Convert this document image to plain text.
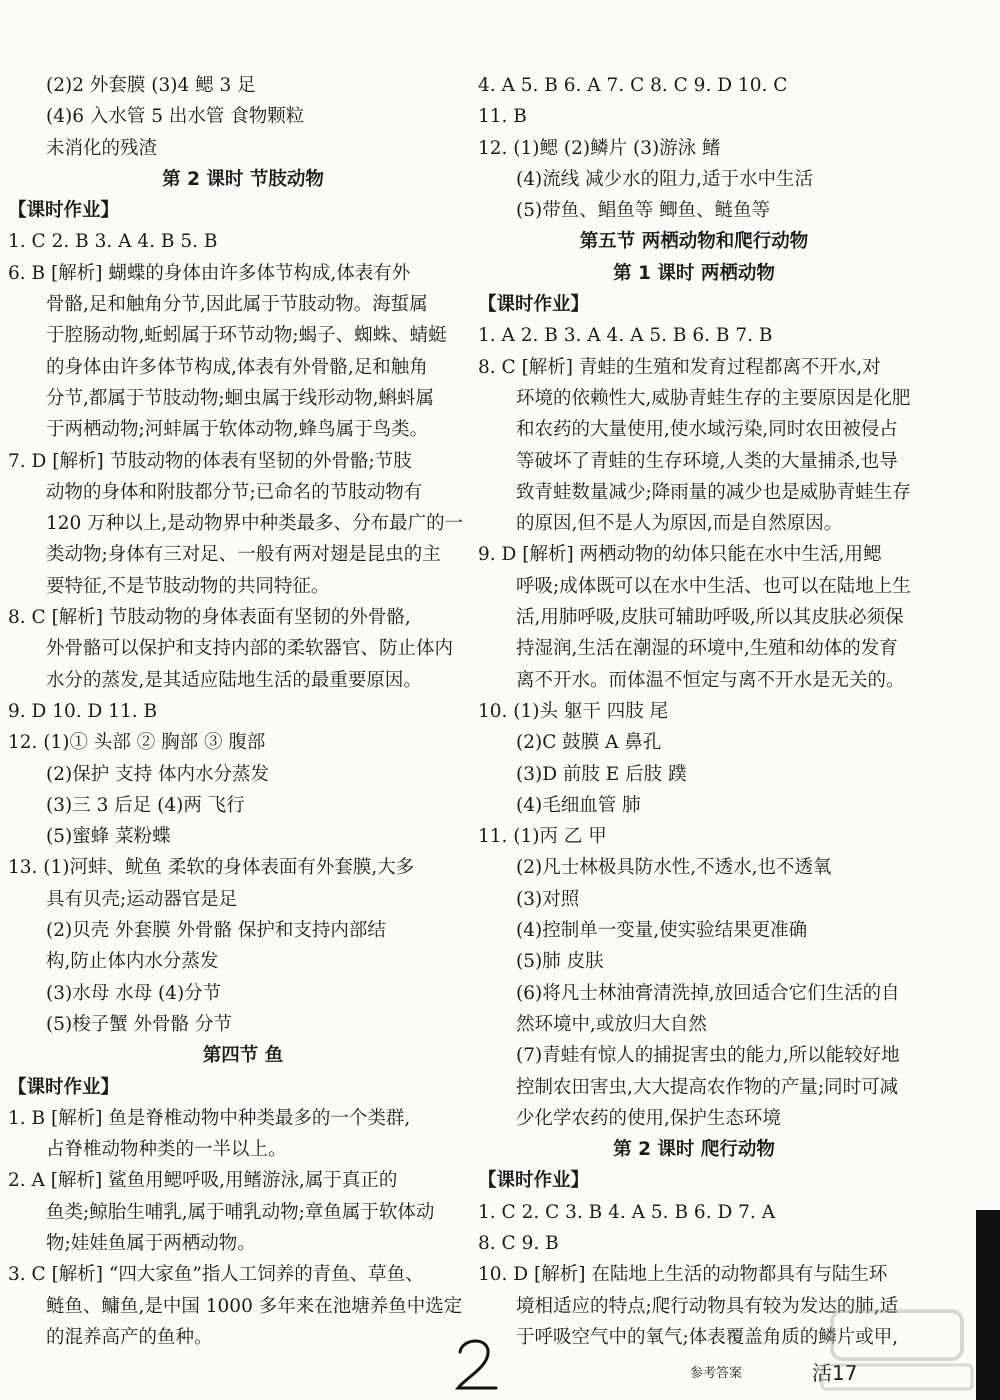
(2)2 外套膜 (3)4 鳃 3 足
(4)6 入水管 5 出水管 食物颗粒
未消化的残渣
第 2 课时 节肢动物
【课时作业】
1. C 2. B 3. A 4. B 5. B
6. B [解析] 蝴蝶的身体由许多体节构成,体表有外
骨骼,足和触角分节,因此属于节肢动物。海蜇属
于腔肠动物,蚯蚓属于环节动物;蝎子、蜘蛛、蜻蜓
的身体由许多体节构成,体表有外骨骼,足和触角
分节,都属于节肢动物;蛔虫属于线形动物,蝌蚪属
于两栖动物;河蚌属于软体动物,蜂鸟属于鸟类。
7. D [解析] 节肢动物的体表有坚韧的外骨骼;节肢
动物的身体和附肢都分节;已命名的节肢动物有
120 万种以上,是动物界中种类最多、分布最广的一
类动物;身体有三对足、一般有两对翅是昆虫的主
要特征,不是节肢动物的共同特征。
8. C [解析] 节肢动物的身体表面有坚韧的外骨骼,
外骨骼可以保护和支持内部的柔软器官、防止体内
水分的蒸发,是其适应陆地生活的最重要原因。
9. D 10. D 11. B
12. (1)① 头部 ② 胸部 ③ 腹部
(2)保护 支持 体内水分蒸发
(3)三 3 后足 (4)两 飞行
(5)蜜蜂 菜粉蝶
13. (1)河蚌、鱿鱼 柔软的身体表面有外套膜,大多
具有贝壳;运动器官是足
(2)贝壳 外套膜 外骨骼 保护和支持内部结
构,防止体内水分蒸发
(3)水母 水母 (4)分节
(5)梭子蟹 外骨骼 分节
第四节 鱼
【课时作业】
1. B [解析] 鱼是脊椎动物中种类最多的一个类群,
占脊椎动物种类的一半以上。
2. A [解析] 鲨鱼用鳃呼吸,用鳍游泳,属于真正的
鱼类;鲸胎生哺乳,属于哺乳动物;章鱼属于软体动
物;娃娃鱼属于两栖动物。
3. C [解析] “四大家鱼”指人工饲养的青鱼、草鱼、
鲢鱼、鳙鱼,是中国 1000 多年来在池塘养鱼中选定
的混养高产的鱼种。
4. A 5. B 6. A 7. C 8. C 9. D 10. C
11. B
12. (1)鳃 (2)鳞片 (3)游泳 鳍
(4)流线 减少水的阻力,适于水中生活
(5)带鱼、鲳鱼等 鲫鱼、鲢鱼等
第五节 两栖动物和爬行动物
第 1 课时 两栖动物
【课时作业】
1. A 2. B 3. A 4. A 5. B 6. B 7. B
8. C [解析] 青蛙的生殖和发育过程都离不开水,对
环境的依赖性大,威胁青蛙生存的主要原因是化肥
和农药的大量使用,使水域污染,同时农田被侵占
等破坏了青蛙的生存环境,人类的大量捕杀,也导
致青蛙数量减少;降雨量的减少也是威胁青蛙生存
的原因,但不是人为原因,而是自然原因。
9. D [解析] 两栖动物的幼体只能在水中生活,用鳃
呼吸;成体既可以在水中生活、也可以在陆地上生
活,用肺呼吸,皮肤可辅助呼吸,所以其皮肤必须保
持湿润,生活在潮湿的环境中,生殖和幼体的发育
离不开水。而体温不恒定与离不开水是无关的。
10. (1)头 躯干 四肢 尾
(2)C 鼓膜 A 鼻孔
(3)D 前肢 E 后肢 蹼
(4)毛细血管 肺
11. (1)丙 乙 甲
(2)凡士林极具防水性,不透水,也不透氧
(3)对照
(4)控制单一变量,使实验结果更准确
(5)肺 皮肤
(6)将凡士林油膏清洗掉,放回适合它们生活的自
然环境中,或放归大自然
(7)青蛙有惊人的捕捉害虫的能力,所以能较好地
控制农田害虫,大大提高农作物的产量;同时可减
少化学农药的使用,保护生态环境
第 2 课时 爬行动物
【课时作业】
1. C 2. C 3. B 4. A 5. B 6. D 7. A
8. C 9. B
10. D [解析] 在陆地上生活的动物都具有与陆生环
境相适应的特点;爬行动物具有较为发达的肺,适
于呼吸空气中的氧气;体表覆盖角质的鳞片或甲,
参考答案	活17
